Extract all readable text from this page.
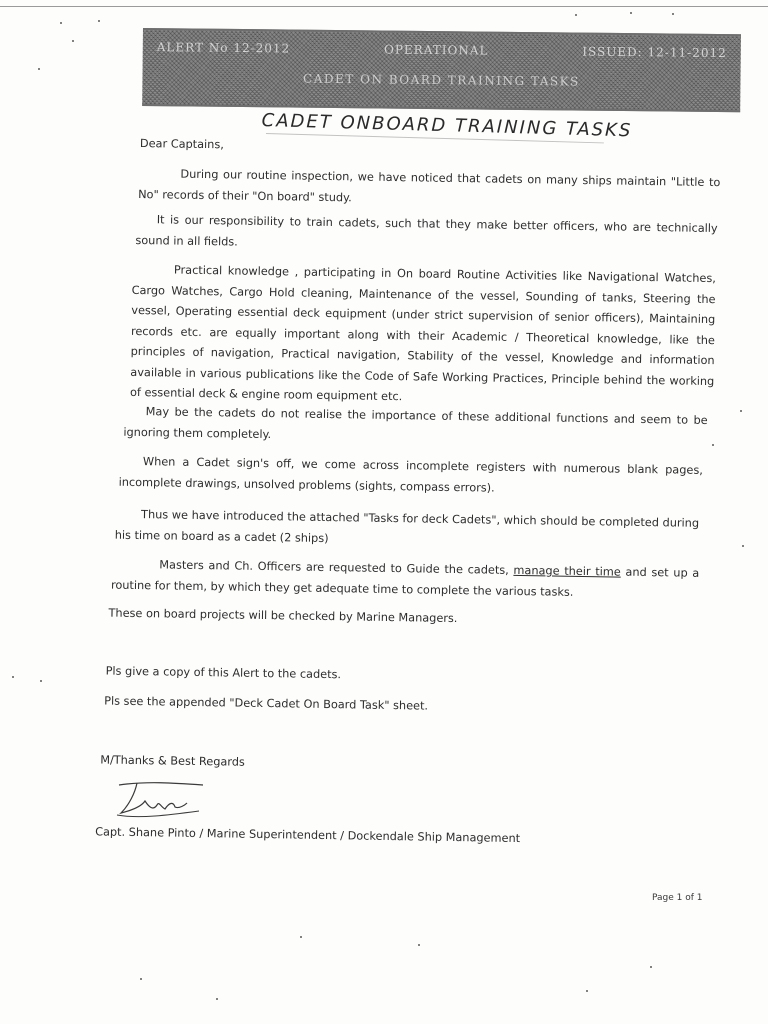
ALERT No 12-2012	OPERATIONAL	ISSUED: 12-11-2012
CADET ON BOARD TRAINING TASKS
CADET ONBOARD TRAINING TASKS
Dear Captains,
During our routine inspection, we have noticed that cadets on many ships maintain "Little to No" records of their "On board" study.
It is our responsibility to train cadets, such that they make better officers, who are technically sound in all fields.
Practical knowledge , participating in On board Routine Activities like Navigational Watches, Cargo Watches, Cargo Hold cleaning, Maintenance of the vessel, Sounding of tanks, Steering the vessel, Operating essential deck equipment (under strict supervision of senior officers), Maintaining records etc. are equally important along with their Academic / Theoretical knowledge, like the principles of navigation, Practical navigation, Stability of the vessel, Knowledge and information available in various publications like the Code of Safe Working Practices, Principle behind the working of essential deck & engine room equipment etc.
May be the cadets do not realise the importance of these additional functions and seem to be ignoring them completely.
When a Cadet sign's off, we come across incomplete registers with numerous blank pages, incomplete drawings, unsolved problems (sights, compass errors).
Thus we have introduced the attached "Tasks for deck Cadets", which should be completed during his time on board as a cadet (2 ships)
Masters and Ch. Officers are requested to Guide the cadets, manage their time and set up a routine for them, by which they get adequate time to complete the various tasks.
These on board projects will be checked by Marine Managers.
Pls give a copy of this Alert to the cadets.
Pls see the appended "Deck Cadet On Board Task" sheet.
M/Thanks & Best Regards
Capt. Shane Pinto / Marine Superintendent / Dockendale Ship Management
Page 1 of 1
